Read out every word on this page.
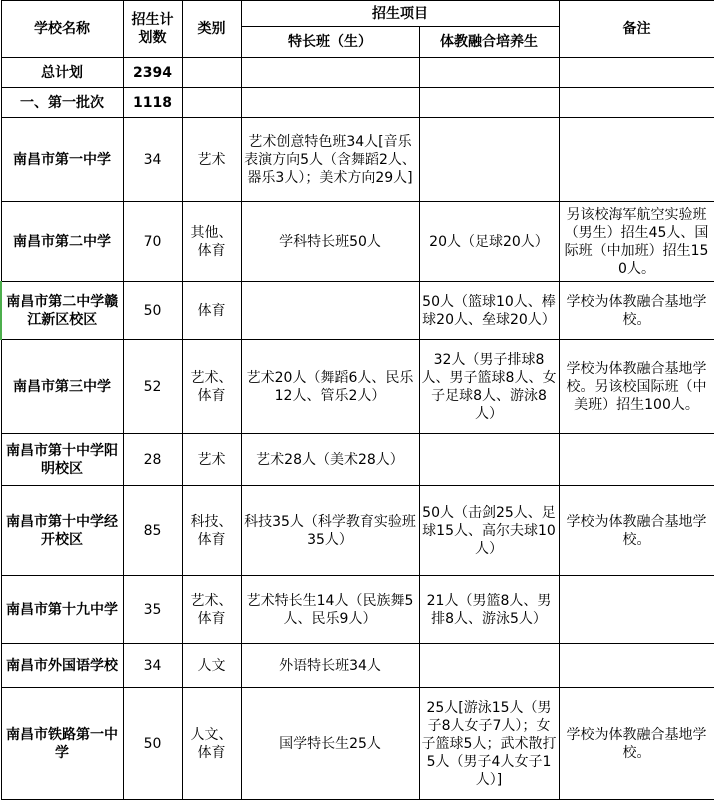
学校名称	招生计划数	类别	招生项目		备注
			特长班（生）	体教融合培养生	
总计划	2394				
一、第一批次	1118				
南昌市第一中学	34	艺术	艺术创意特色班34人[音乐表演方向5人（含舞蹈2人、器乐3人）；美术方向29人]		
南昌市第二中学	70	其他、体育	学科特长班50人	20人（足球20人）	另该校海军航空实验班（男生）招生45人、国际班（中加班）招生150人。
南昌市第二中学赣江新区校区	50	体育		50人（篮球10人、棒球20人、垒球20人）	学校为体教融合基地学校。
南昌市第三中学	52	艺术、体育	艺术20人（舞蹈6人、民乐12人、管乐2人）	32人（男子排球8人、男子篮球8人、女子足球8人、游泳8人）	学校为体教融合基地学校。另该校国际班（中美班）招生100人。
南昌市第十中学阳明校区	28	艺术	艺术28人（美术28人）		
南昌市第十中学经开校区	85	科技、体育	科技35人（科学教育实验班35人）	50人（击剑25人、足球15人、高尔夫球10人）	学校为体教融合基地学校。
南昌市第十九中学	35	艺术、体育	艺术特长生14人（民族舞5人、民乐9人）	21人（男篮8人、男排8人、游泳5人）	
南昌市外国语学校	34	人文	外语特长班34人		
南昌市铁路第一中学	50	人文、体育	国学特长生25人	25人[游泳15人（男子8人女子7人）；女子篮球5人；武术散打5人（男子4人女子1人）]	学校为体教融合基地学校。
